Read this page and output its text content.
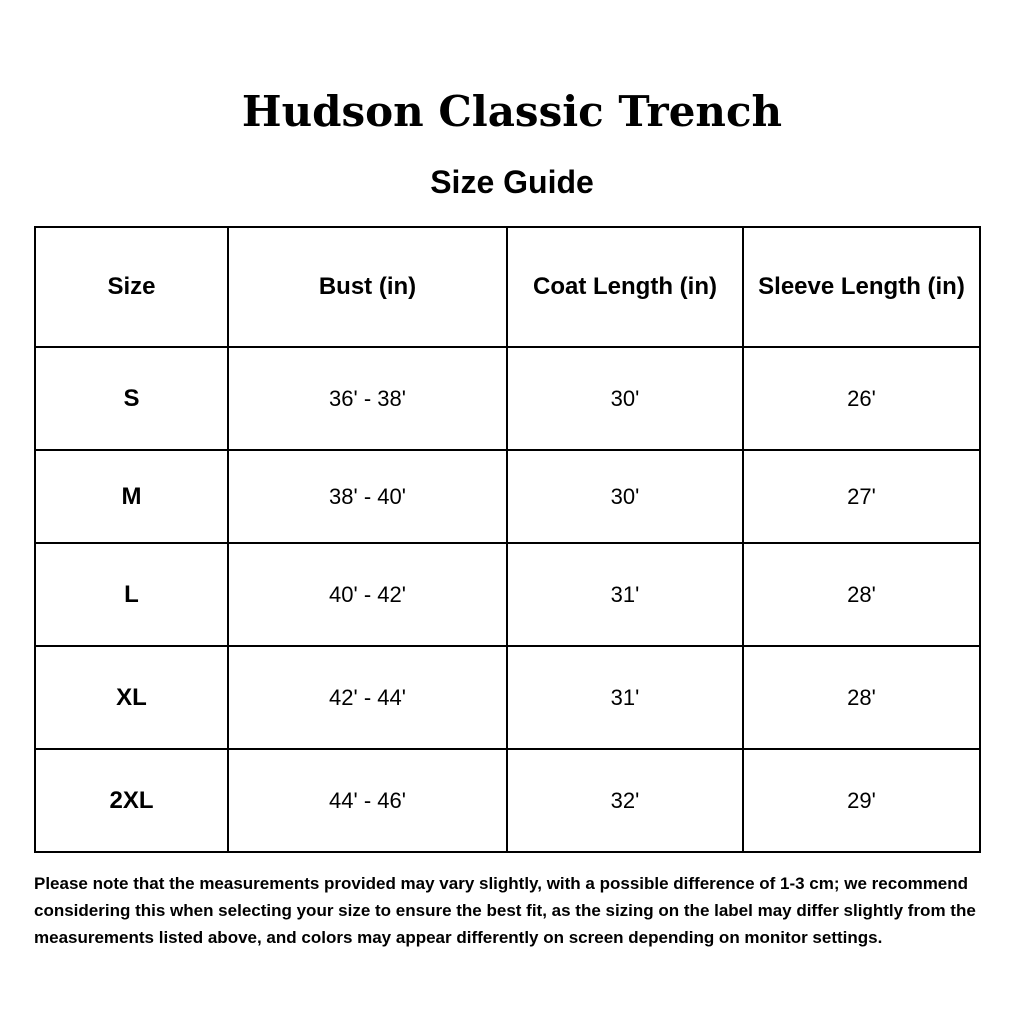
Hudson Classic Trench
Size Guide
Size	Bust (in)	Coat Length (in)	Sleeve Length (in)
S	36' - 38'	30'	26'
M	38' - 40'	30'	27'
L	40' - 42'	31'	28'
XL	42' - 44'	31'	28'
2XL	44' - 46'	32'	29'

Please note that the measurements provided may vary slightly, with a possible difference of 1-3 cm; we recommend considering this when selecting your size to ensure the best fit, as the sizing on the label may differ slightly from the measurements listed above, and colors may appear differently on screen depending on monitor settings.
